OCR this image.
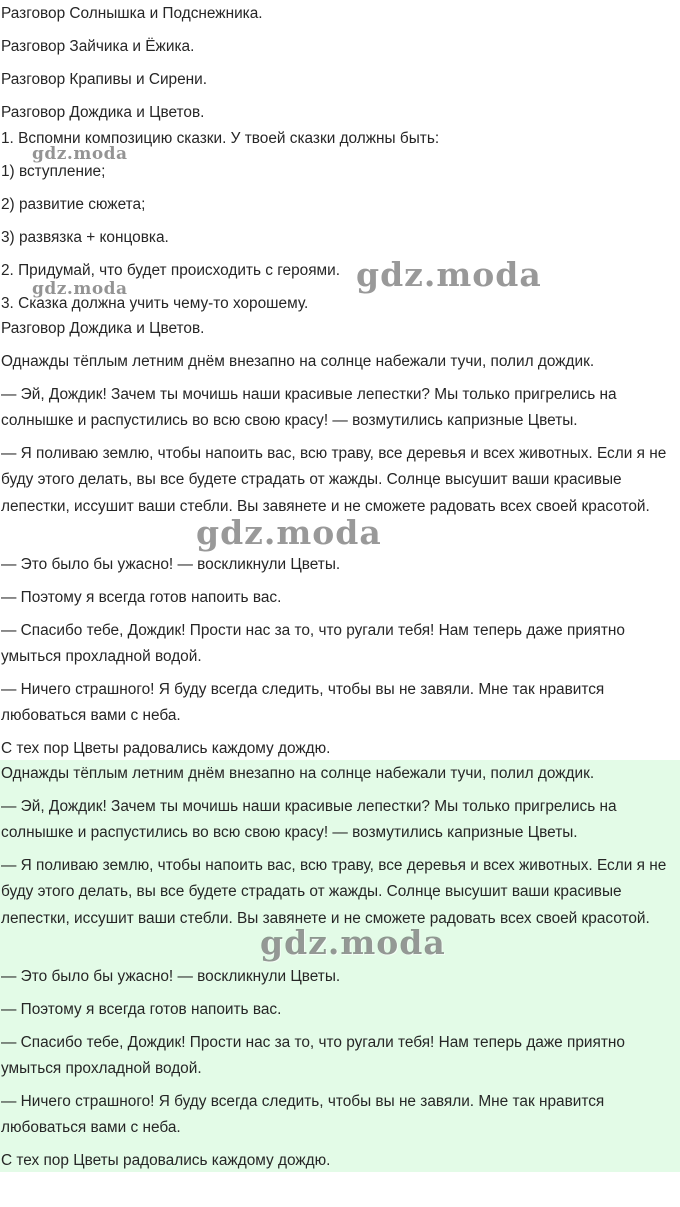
Разговор Солнышка и Подснежника.

Разговор Зайчика и Ёжика.

Разговор Крапивы и Сирени.

Разговор Дождика и Цветов.

1. Вспомни композицию сказки. У твоей сказки должны быть:

1) вступление;

2) развитие сюжета;

3) развязка + концовка.

2. Придумай, что будет происходить с героями.

3. Сказка должна учить чему-то хорошему.

Разговор Дождика и Цветов.

Однажды тёплым летним днём внезапно на солнце набежали тучи, полил дождик.

— Эй, Дождик! Зачем ты мочишь наши красивые лепестки? Мы только пригрелись на солнышке и распустились во всю свою красу! — возмутились капризные Цветы.

— Я поливаю землю, чтобы напоить вас, всю траву, все деревья и всех животных. Если я не буду этого делать, вы все будете страдать от жажды. Солнце высушит ваши красивые лепестки, иссушит ваши стебли. Вы завянете и не сможете радовать всех своей красотой.

— Это было бы ужасно! — воскликнули Цветы.

— Поэтому я всегда готов напоить вас.

— Спасибо тебе, Дождик! Прости нас за то, что ругали тебя! Нам теперь даже приятно умыться прохладной водой.

— Ничего страшного! Я буду всегда следить, чтобы вы не завяли. Мне так нравится любоваться вами с неба.

С тех пор Цветы радовались каждому дождю.

Однажды тёплым летним днём внезапно на солнце набежали тучи, полил дождик.

— Эй, Дождик! Зачем ты мочишь наши красивые лепестки? Мы только пригрелись на солнышке и распустились во всю свою красу! — возмутились капризные Цветы.

— Я поливаю землю, чтобы напоить вас, всю траву, все деревья и всех животных. Если я не буду этого делать, вы все будете страдать от жажды. Солнце высушит ваши красивые лепестки, иссушит ваши стебли. Вы завянете и не сможете радовать всех своей красотой.

— Это было бы ужасно! — воскликнули Цветы.

— Поэтому я всегда готов напоить вас.

— Спасибо тебе, Дождик! Прости нас за то, что ругали тебя! Нам теперь даже приятно умыться прохладной водой.

— Ничего страшного! Я буду всегда следить, чтобы вы не завяли. Мне так нравится любоваться вами с неба.

С тех пор Цветы радовались каждому дождю.

gdz.moda
gdz.moda	gdz.moda
gdz.moda
gdz.moda
